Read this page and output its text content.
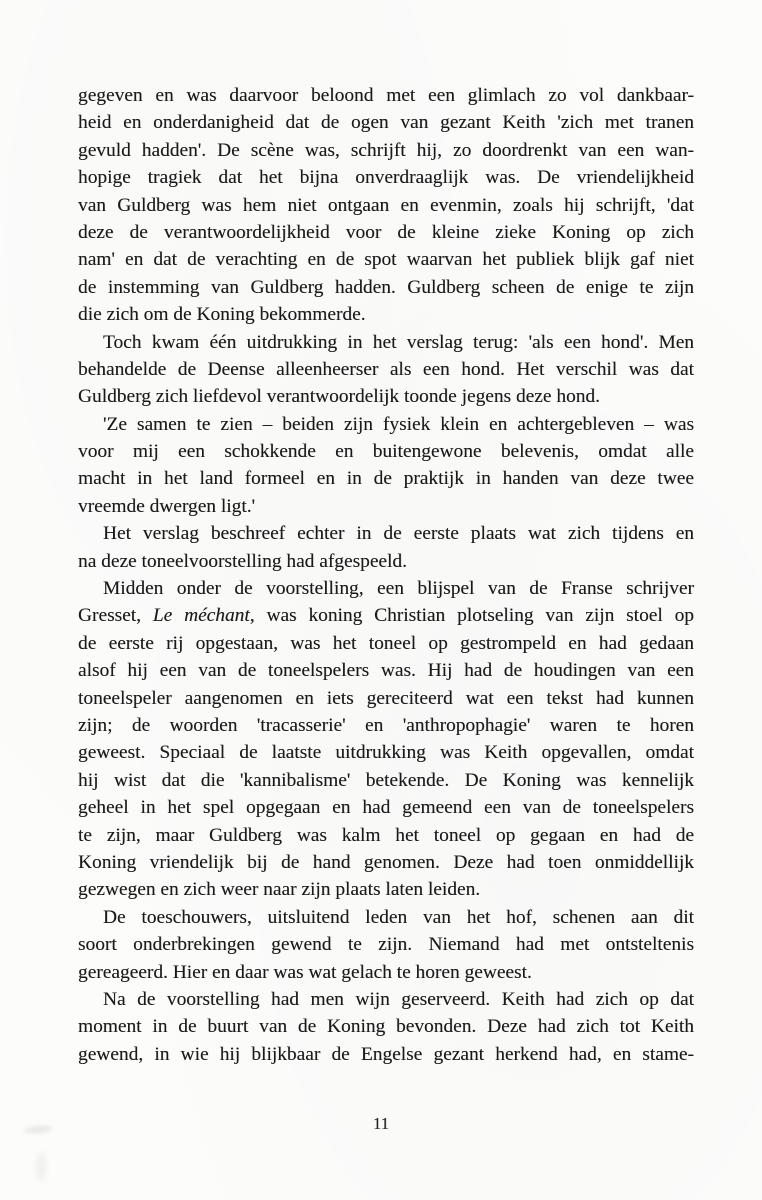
gegeven en was daarvoor beloond met een glimlach zo vol dankbaar-
heid en onderdanigheid dat de ogen van gezant Keith 'zich met tranen
gevuld hadden'. De scène was, schrijft hij, zo doordrenkt van een wan-
hopige tragiek dat het bijna onverdraaglijk was. De vriendelijkheid
van Guldberg was hem niet ontgaan en evenmin, zoals hij schrijft, 'dat
deze de verantwoordelijkheid voor de kleine zieke Koning op zich
nam' en dat de verachting en de spot waarvan het publiek blijk gaf niet
de instemming van Guldberg hadden. Guldberg scheen de enige te zijn
die zich om de Koning bekommerde.
Toch kwam één uitdrukking in het verslag terug: 'als een hond'. Men
behandelde de Deense alleenheerser als een hond. Het verschil was dat
Guldberg zich liefdevol verantwoordelijk toonde jegens deze hond.
'Ze samen te zien – beiden zijn fysiek klein en achtergebleven – was
voor mij een schokkende en buitengewone belevenis, omdat alle
macht in het land formeel en in de praktijk in handen van deze twee
vreemde dwergen ligt.'
Het verslag beschreef echter in de eerste plaats wat zich tijdens en
na deze toneelvoorstelling had afgespeeld.
Midden onder de voorstelling, een blijspel van de Franse schrijver
Gresset, Le méchant, was koning Christian plotseling van zijn stoel op
de eerste rij opgestaan, was het toneel op gestrompeld en had gedaan
alsof hij een van de toneelspelers was. Hij had de houdingen van een
toneelspeler aangenomen en iets gereciteerd wat een tekst had kunnen
zijn; de woorden 'tracasserie' en 'anthropophagie' waren te horen
geweest. Speciaal de laatste uitdrukking was Keith opgevallen, omdat
hij wist dat die 'kannibalisme' betekende. De Koning was kennelijk
geheel in het spel opgegaan en had gemeend een van de toneelspelers
te zijn, maar Guldberg was kalm het toneel op gegaan en had de
Koning vriendelijk bij de hand genomen. Deze had toen onmiddellijk
gezwegen en zich weer naar zijn plaats laten leiden.
De toeschouwers, uitsluitend leden van het hof, schenen aan dit
soort onderbrekingen gewend te zijn. Niemand had met ontsteltenis
gereageerd. Hier en daar was wat gelach te horen geweest.
Na de voorstelling had men wijn geserveerd. Keith had zich op dat
moment in de buurt van de Koning bevonden. Deze had zich tot Keith
gewend, in wie hij blijkbaar de Engelse gezant herkend had, en stame-
11
